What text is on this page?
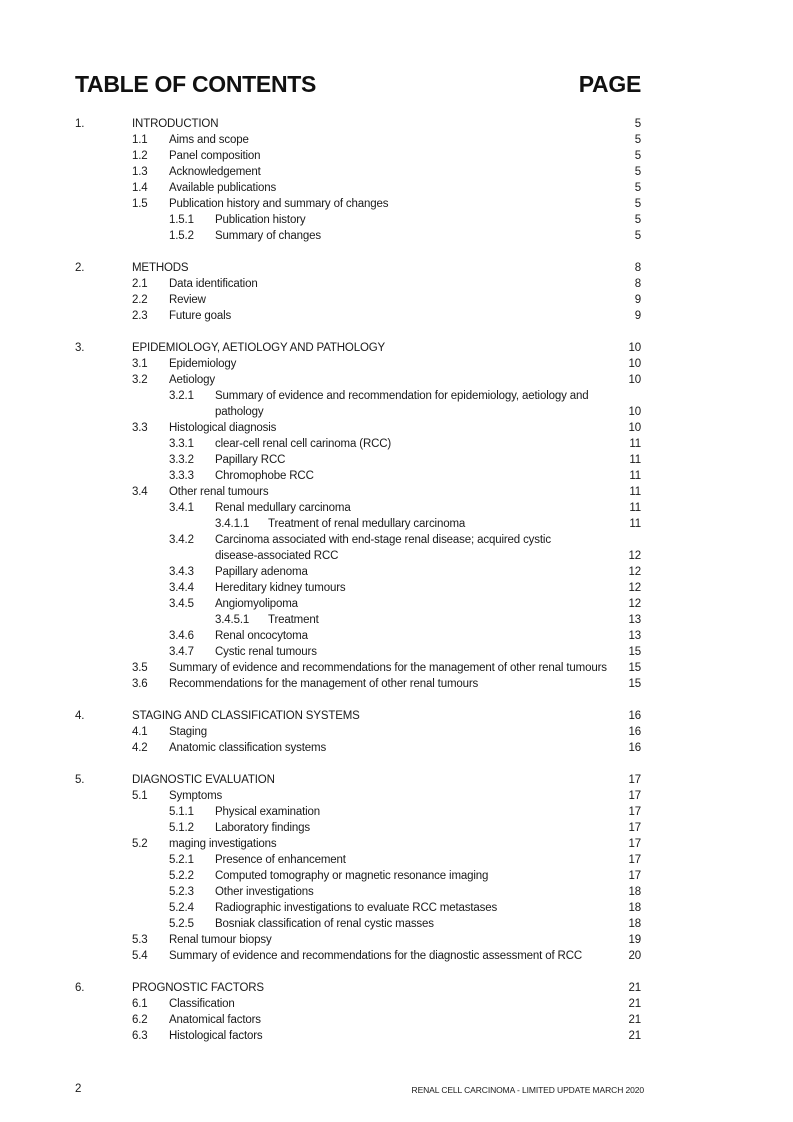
TABLE OF CONTENTS	PAGE
1.	INTRODUCTION	5
1.1 Aims and scope	5
1.2 Panel composition	5
1.3 Acknowledgement	5
1.4 Available publications	5
1.5 Publication history and summary of changes	5
1.5.1 Publication history	5
1.5.2 Summary of changes	5
2.	METHODS	8
2.1 Data identification	8
2.2 Review	9
2.3 Future goals	9
3.	EPIDEMIOLOGY, AETIOLOGY AND PATHOLOGY	10
3.1 Epidemiology	10
3.2 Aetiology	10
3.2.1 Summary of evidence and recommendation for epidemiology, aetiology and
pathology	10
3.3 Histological diagnosis	10
3.3.1 clear-cell renal cell carinoma (RCC)	11
3.3.2 Papillary RCC	11
3.3.3 Chromophobe RCC	11
3.4 Other renal tumours	11
3.4.1 Renal medullary carcinoma	11
3.4.1.1 Treatment of renal medullary carcinoma	11
3.4.2 Carcinoma associated with end-stage renal disease; acquired cystic
disease-associated RCC	12
3.4.3 Papillary adenoma	12
3.4.4 Hereditary kidney tumours	12
3.4.5 Angiomyolipoma	12
3.4.5.1 Treatment	13
3.4.6 Renal oncocytoma	13
3.4.7 Cystic renal tumours	15
3.5 Summary of evidence and recommendations for the management of other renal tumours 15
3.6 Recommendations for the management of other renal tumours	15
4.	STAGING AND CLASSIFICATION SYSTEMS	16
4.1 Staging	16
4.2 Anatomic classification systems	16
5.	DIAGNOSTIC EVALUATION	17
5.1 Symptoms	17
5.1.1 Physical examination	17
5.1.2 Laboratory findings	17
5.2 maging investigations	17
5.2.1 Presence of enhancement	17
5.2.2 Computed tomography or magnetic resonance imaging	17
5.2.3 Other investigations	18
5.2.4 Radiographic investigations to evaluate RCC metastases	18
5.2.5 Bosniak classification of renal cystic masses	18
5.3 Renal tumour biopsy	19
5.4 Summary of evidence and recommendations for the diagnostic assessment of RCC	20
6.	PROGNOSTIC FACTORS	21
6.1 Classification	21
6.2 Anatomical factors	21
6.3 Histological factors	21
2	RENAL CELL CARCINOMA - LIMITED UPDATE MARCH 2020
